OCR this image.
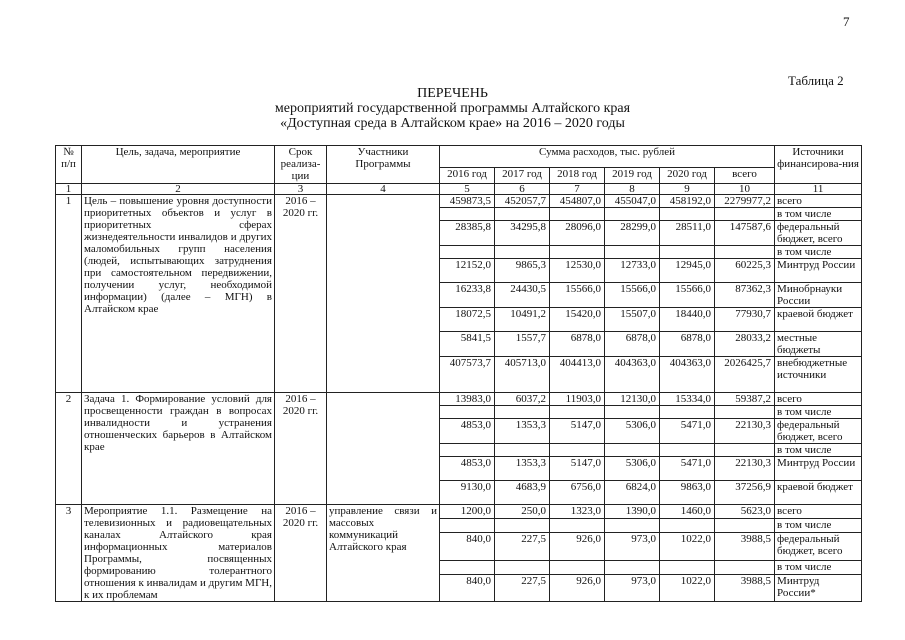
7
Таблица 2
ПЕРЕЧЕНЬ
мероприятий государственной программы Алтайского края
«Доступная среда в Алтайском крае» на 2016 – 2020 годы
№ п/п	Цель, задача, мероприятие	Срок реализа-ции	Участники Программы	Сумма расходов, тыс. рублей						Источники финансирова-ния
				2016 год	2017 год	2018 год	2019 год	2020 год	всего	
1	2	3	4	5	6	7	8	9	10	11
1	Цель – повышение уровня доступности приоритетных объектов и услуг в приоритетных сферах жизнедеятельности инвалидов и других маломобильных групп населения (людей, испытывающих затруднения при самостоятельном передвижении, получении услуг, необходимой информации) (далее – МГН) в Алтайском крае	2016 – 2020 гг.		459873,5	452057,7	454807,0	455047,0	458192,0	2279977,2	всего
										в том числе
				28385,8	34295,8	28096,0	28299,0	28511,0	147587,6	федеральный бюджет, всего
										в том числе
				12152,0	9865,3	12530,0	12733,0	12945,0	60225,3	Минтруд России
				16233,8	24430,5	15566,0	15566,0	15566,0	87362,3	Минобрнауки России
				18072,5	10491,2	15420,0	15507,0	18440,0	77930,7	краевой бюджет
				5841,5	1557,7	6878,0	6878,0	6878,0	28033,2	местные бюджеты
				407573,7	405713,0	404413,0	404363,0	404363,0	2026425,7	внебюджетные источники
2	Задача 1. Формирование условий для просвещенности граждан в вопросах инвалидности и устранения отношенческих барьеров в Алтайском крае	2016 – 2020 гг.		13983,0	6037,2	11903,0	12130,0	15334,0	59387,2	всего
										в том числе
				4853,0	1353,3	5147,0	5306,0	5471,0	22130,3	федеральный бюджет, всего
										в том числе
				4853,0	1353,3	5147,0	5306,0	5471,0	22130,3	Минтруд России
				9130,0	4683,9	6756,0	6824,0	9863,0	37256,9	краевой бюджет
3	Мероприятие 1.1. Размещение на телевизионных и радиовещательных каналах Алтайского края информационных материалов Программы, посвященных формированию толерантного отношения к инвалидам и другим МГН, к их проблемам	2016 – 2020 гг.	управление связи и массовых коммуникаций Алтайского края	1200,0	250,0	1323,0	1390,0	1460,0	5623,0	всего
										в том числе
				840,0	227,5	926,0	973,0	1022,0	3988,5	федеральный бюджет, всего
										в том числе
				840,0	227,5	926,0	973,0	1022,0	3988,5	Минтруд России*
